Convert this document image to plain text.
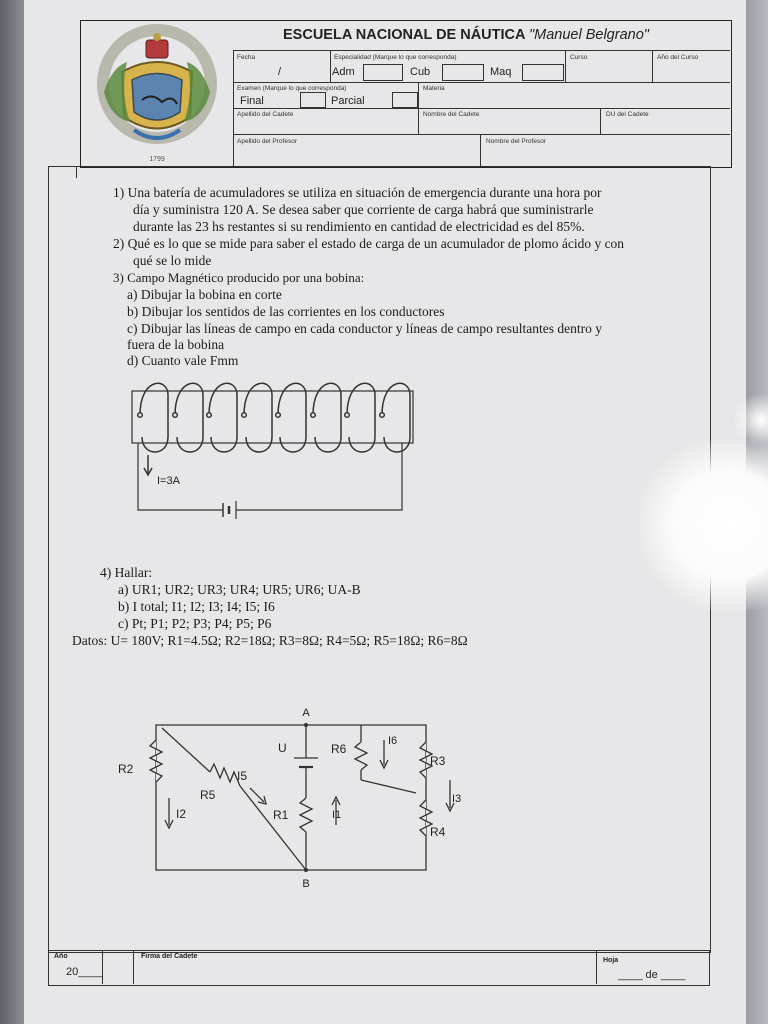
1799
ESCUELA NACIONAL DE NÁUTICA "Manuel Belgrano"
Fecha
/
Especialidad (Marque lo que corresponda)
Adm	Cub	Maq
Curso	Año del Curso
Examen (Marque lo que corresponda)
Final	Parcial
Materia
Apellido del Cadete	Nombre del Cadete	DU del Cadete
Apellido del Profesor	Nombre del Profesor
1) Una batería de acumuladores se utiliza en situación de emergencia durante una hora por
día y suministra 120 A. Se desea saber que corriente de carga habrá que suministrarle
durante las 23 hs restantes si su rendimiento en cantidad de electricidad es del 85%.
2) Qué es lo que se mide para saber el estado de carga de un acumulador de plomo ácido y con
qué se lo mide
3) Campo Magnético producido por una bobina:
a) Dibujar la bobina en corte
b) Dibujar los sentidos de las corrientes en los conductores
c) Dibujar las líneas de campo en cada conductor y líneas de campo resultantes dentro y
fuera de la bobina
d) Cuanto vale Fmm
I=3A
4) Hallar:
a) UR1; UR2; UR3; UR4; UR5; UR6; UA-B
b) I total; I1; I2; I3; I4; I5; I6
c) Pt; P1; P2; P3; P4; P5; P6
Datos: U= 180V; R1=4.5Ω; R2=18Ω; R3=8Ω; R4=5Ω; R5=18Ω; R6=8Ω
A
B
U
R2
R5
I5
I2	R1	I1
R6
I6
R3
I3
R4
Año
20____
Firma del Cadete
Hoja
____ de ____
